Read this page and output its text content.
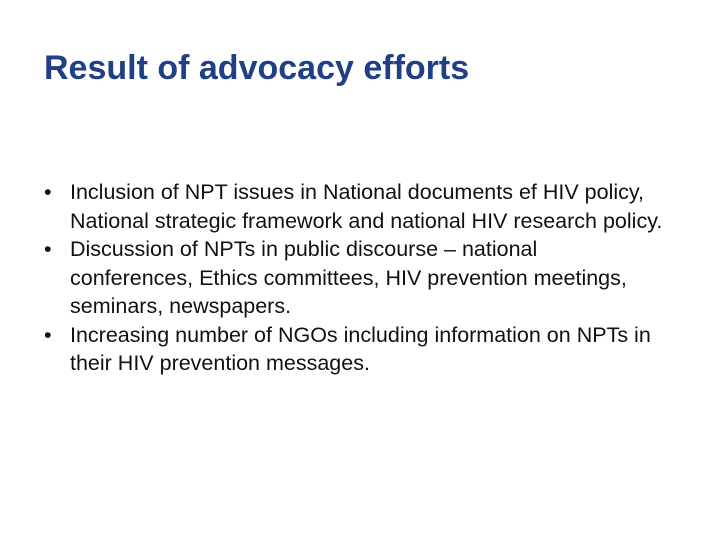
Result of advocacy efforts
• Inclusion of NPT issues in National documents ef HIV policy, National strategic framework and national HIV research policy.
• Discussion of NPTs in public discourse – national conferences, Ethics committees, HIV prevention meetings, seminars, newspapers.
• Increasing number of NGOs including information on NPTs in their HIV prevention messages.
